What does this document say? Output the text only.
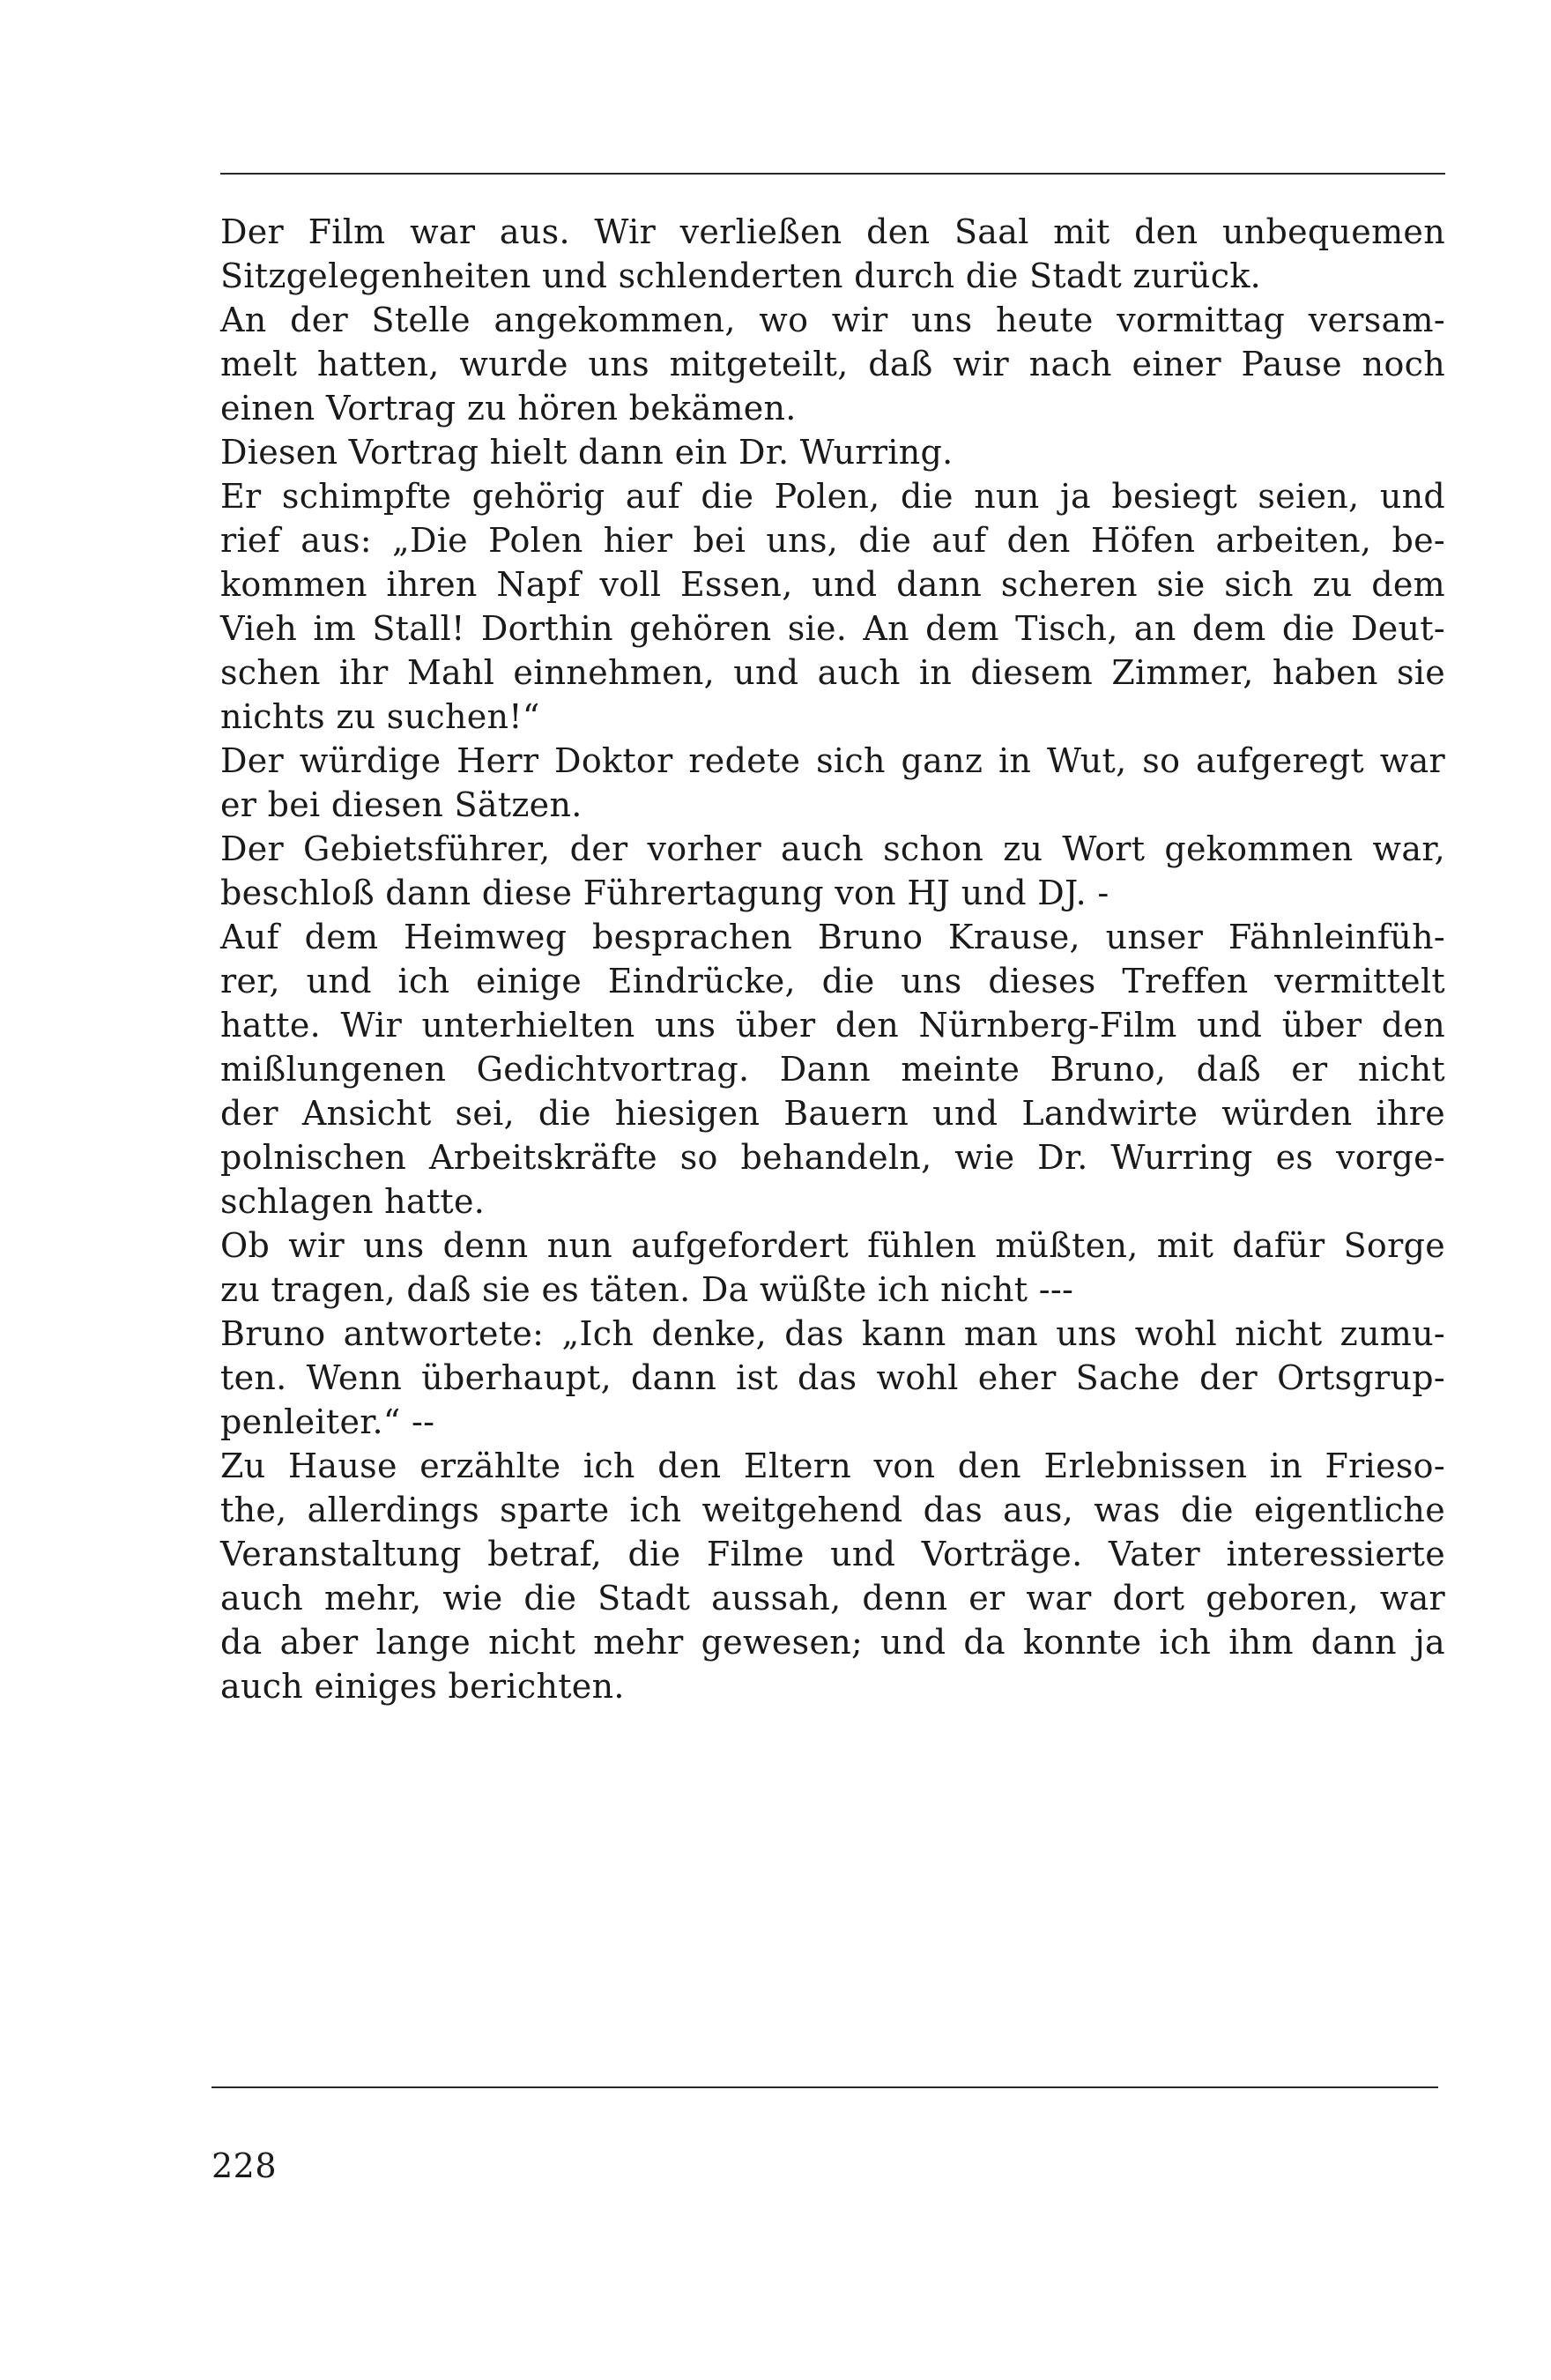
Der Film war aus. Wir verließen den Saal mit den unbequemen
Sitzgelegenheiten und schlenderten durch die Stadt zurück.
An der Stelle angekommen, wo wir uns heute vormittag versam-
melt hatten, wurde uns mitgeteilt, daß wir nach einer Pause noch
einen Vortrag zu hören bekämen.
Diesen Vortrag hielt dann ein Dr. Wurring.
Er schimpfte gehörig auf die Polen, die nun ja besiegt seien, und
rief aus: „Die Polen hier bei uns, die auf den Höfen arbeiten, be-
kommen ihren Napf voll Essen, und dann scheren sie sich zu dem
Vieh im Stall! Dorthin gehören sie. An dem Tisch, an dem die Deut-
schen ihr Mahl einnehmen, und auch in diesem Zimmer, haben sie
nichts zu suchen!“
Der würdige Herr Doktor redete sich ganz in Wut, so aufgeregt war
er bei diesen Sätzen.
Der Gebietsführer, der vorher auch schon zu Wort gekommen war,
beschloß dann diese Führertagung von HJ und DJ. -
Auf dem Heimweg besprachen Bruno Krause, unser Fähnleinfüh-
rer, und ich einige Eindrücke, die uns dieses Treffen vermittelt
hatte. Wir unterhielten uns über den Nürnberg-Film und über den
mißlungenen Gedichtvortrag. Dann meinte Bruno, daß er nicht
der Ansicht sei, die hiesigen Bauern und Landwirte würden ihre
polnischen Arbeitskräfte so behandeln, wie Dr. Wurring es vorge-
schlagen hatte.
Ob wir uns denn nun aufgefordert fühlen müßten, mit dafür Sorge
zu tragen, daß sie es täten. Da wüßte ich nicht ---
Bruno antwortete: „Ich denke, das kann man uns wohl nicht zumu-
ten. Wenn überhaupt, dann ist das wohl eher Sache der Ortsgrup-
penleiter.“ --
Zu Hause erzählte ich den Eltern von den Erlebnissen in Frieso-
the, allerdings sparte ich weitgehend das aus, was die eigentliche
Veranstaltung betraf, die Filme und Vorträge. Vater interessierte
auch mehr, wie die Stadt aussah, denn er war dort geboren, war
da aber lange nicht mehr gewesen; und da konnte ich ihm dann ja
auch einiges berichten.
228
